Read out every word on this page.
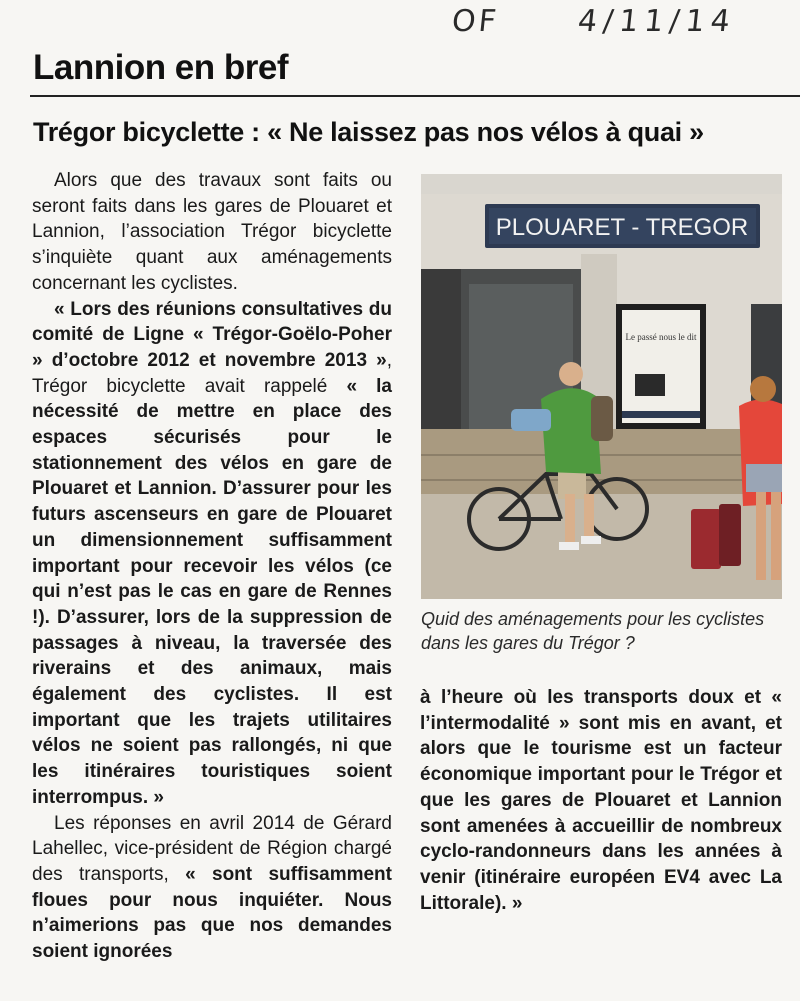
OF	4/11/14
Lannion en bref
Trégor bicyclette : « Ne laissez pas nos vélos à quai »

Alors que des travaux sont faits ou seront faits dans les gares de Plouaret et Lannion, l’association Trégor bicyclette s’inquiète quant aux aménagements concernant les cyclistes.

« Lors des réunions consultatives du comité de Ligne « Trégor-Goëlo-Poher » d’octobre 2012 et novembre 2013 », Trégor bicyclette avait rappelé « la nécessité de mettre en place des espaces sécurisés pour le stationnement des vélos en gare de Plouaret et Lannion. D’assurer pour les futurs ascenseurs en gare de Plouaret un dimensionnement suffisamment important pour recevoir les vélos (ce qui n’est pas le cas en gare de Rennes !). D’assurer, lors de la suppression de passages à niveau, la traversée des riverains et des animaux, mais également des cyclistes. Il est important que les trajets utilitaires vélos ne soient pas rallongés, ni que les itinéraires touristiques soient interrompus. »

Les réponses en avril 2014 de Gérard Lahellec, vice-président de Région chargé des transports, « sont suffisamment floues pour nous inquiéter. Nous n’aimerions pas que nos demandes soient ignorées

PLOUARET - TREGOR
Le passé nous le dit
Quid des aménagements pour les cyclistes dans les gares du Trégor ?

à l’heure où les transports doux et « l’intermodalité » sont mis en avant, et alors que le tourisme est un facteur économique important pour le Trégor et que les gares de Plouaret et Lannion sont amenées à accueillir de nombreux cyclo-randonneurs dans les années à venir (itinéraire européen EV4 avec La Littorale). »
